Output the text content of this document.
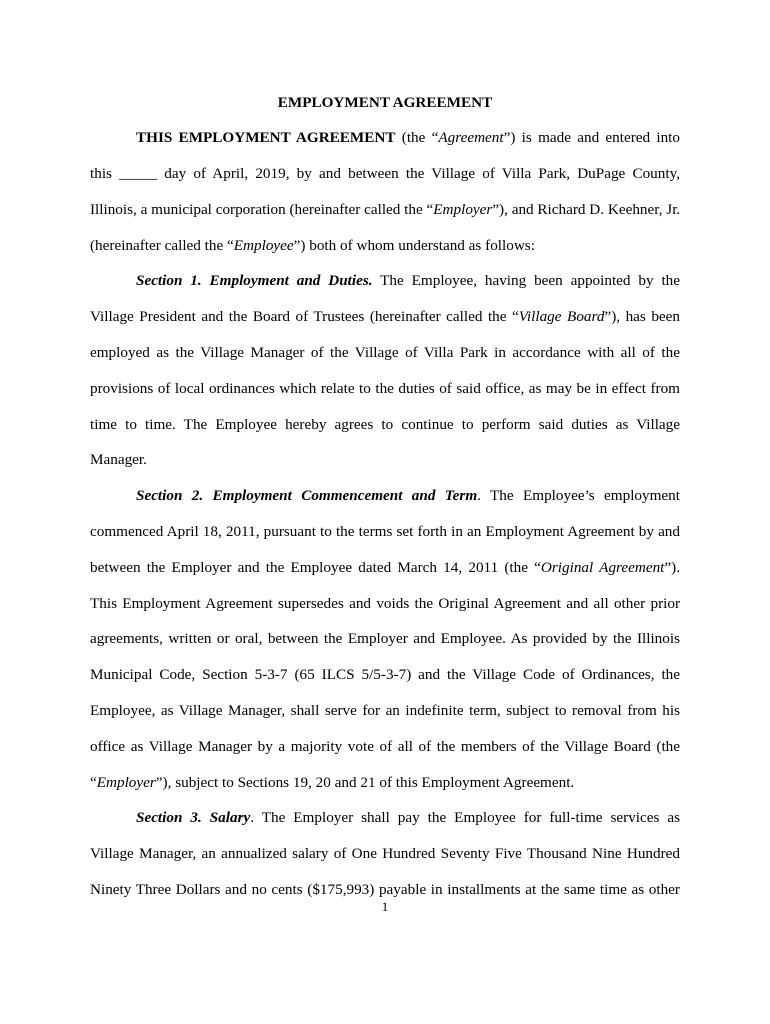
EMPLOYMENT AGREEMENT
THIS EMPLOYMENT AGREEMENT (the “Agreement”) is made and entered into
this _____ day of April, 2019, by and between the Village of Villa Park, DuPage County,
Illinois, a municipal corporation (hereinafter called the “Employer”), and Richard D. Keehner, Jr.
(hereinafter called the “Employee”) both of whom understand as follows:
Section 1. Employment and Duties. The Employee, having been appointed by the
Village President and the Board of Trustees (hereinafter called the “Village Board”), has been
employed as the Village Manager of the Village of Villa Park in accordance with all of the
provisions of local ordinances which relate to the duties of said office, as may be in effect from
time to time. The Employee hereby agrees to continue to perform said duties as Village
Manager.
Section 2. Employment Commencement and Term. The Employee’s employment
commenced April 18, 2011, pursuant to the terms set forth in an Employment Agreement by and
between the Employer and the Employee dated March 14, 2011 (the “Original Agreement”).
This Employment Agreement supersedes and voids the Original Agreement and all other prior
agreements, written or oral, between the Employer and Employee. As provided by the Illinois
Municipal Code, Section 5-3-7 (65 ILCS 5/5-3-7) and the Village Code of Ordinances, the
Employee, as Village Manager, shall serve for an indefinite term, subject to removal from his
office as Village Manager by a majority vote of all of the members of the Village Board (the
“Employer”), subject to Sections 19, 20 and 21 of this Employment Agreement.
Section 3. Salary. The Employer shall pay the Employee for full-time services as
Village Manager, an annualized salary of One Hundred Seventy Five Thousand Nine Hundred
Ninety Three Dollars and no cents ($175,993) payable in installments at the same time as other
1
